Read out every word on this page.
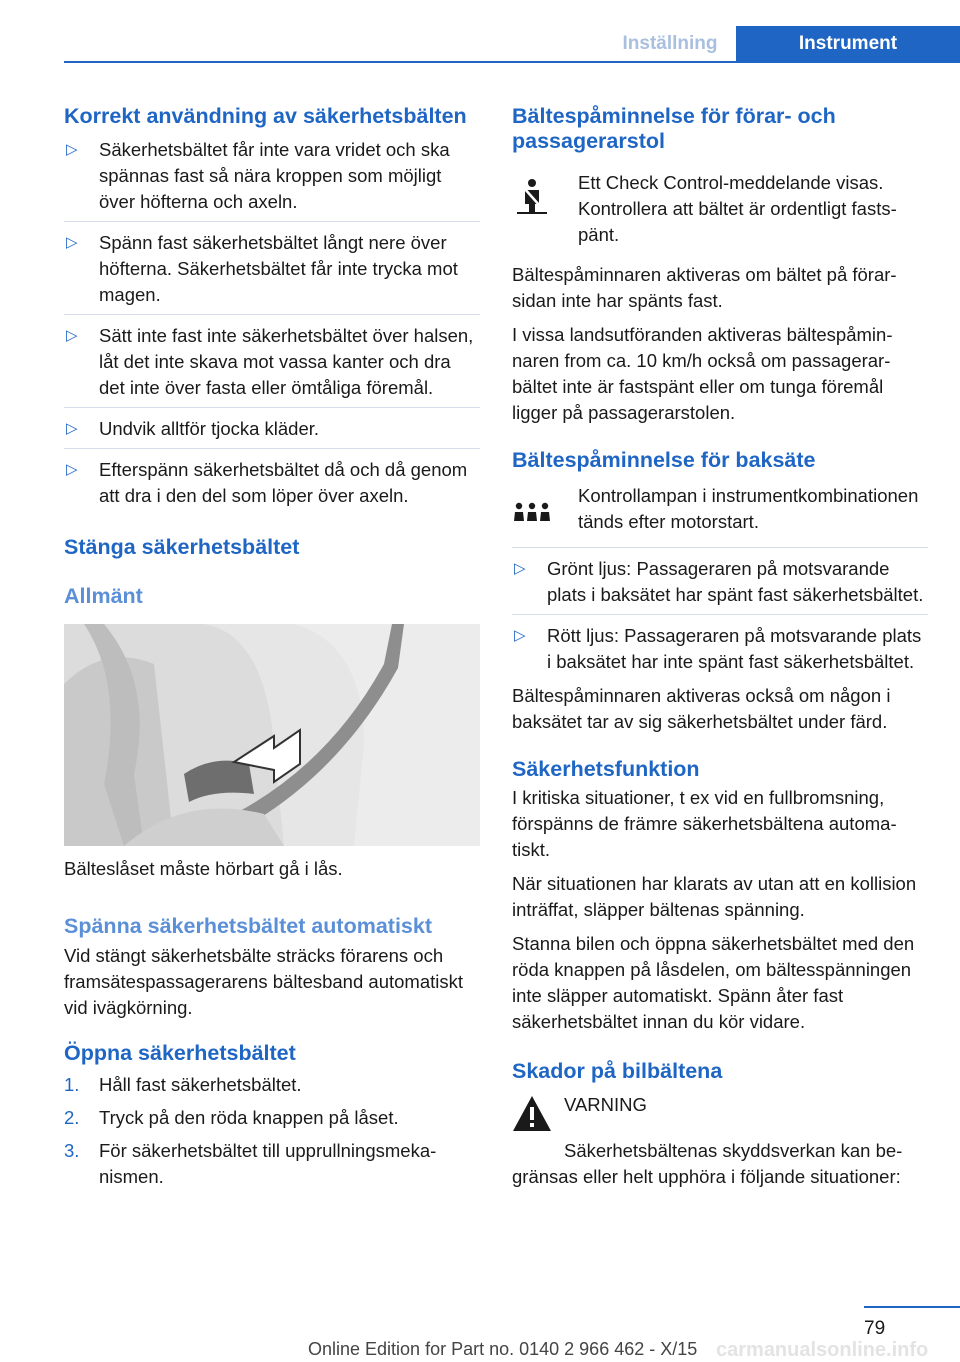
Inställning	Instrument
Korrekt användning av säkerhetsbälten
▷	Säkerhetsbältet får inte vara vridet och ska spännas fast så nära kroppen som möjligt över höfterna och axeln.
▷	Spänn fast säkerhetsbältet långt nere över höfterna. Säkerhetsbältet får inte trycka mot magen.
▷	Sätt inte fast inte säkerhetsbältet över halsen, låt det inte skava mot vassa kanter och dra det inte över fasta eller ömtåliga föremål.
▷	Undvik alltför tjocka kläder.
▷	Efterspänn säkerhetsbältet då och då genom att dra i den del som löper över axeln.
Stänga säkerhetsbältet
Allmänt

Bälteslåset måste hörbart gå i lås.

Spänna säkerhetsbältet automatiskt

Vid stängt säkerhetsbälte sträcks förarens och framsätespassagerarens bältesband automatiskt vid ivägkörning.

Öppna säkerhetsbältet
1.	Håll fast säkerhetsbältet.
2.	Tryck på den röda knappen på låset.
3.	För säkerhetsbältet till upprullningsmekanismen.
Bältespåminnelse för förar- och passagerarstol
Ett Check Control-meddelande visas. Kontrollera att bältet är ordentligt fastspänt.

Bältespåminnaren aktiveras om bältet på förarsidan inte har spänts fast.

I vissa landsutföranden aktiveras bältespåminnaren from ca. 10 km/h också om passagerarbältet inte är fastspänt eller om tunga föremål ligger på passagerarstolen.

Bältespåminnelse för baksäte
Kontrollampan i instrumentkombinationen tänds efter motorstart.
▷	Grönt ljus: Passageraren på motsvarande plats i baksätet har spänt fast säkerhetsbältet.
▷	Rött ljus: Passageraren på motsvarande plats i baksätet har inte spänt fast säkerhetsbältet.

Bältespåminnaren aktiveras också om någon i baksätet tar av sig säkerhetsbältet under färd.

Säkerhetsfunktion

I kritiska situationer, t ex vid en fullbromsning, förspänns de främre säkerhetsbältena automatiskt.

När situationen har klarats av utan att en kollision inträffat, släpper bältenas spänning.

Stanna bilen och öppna säkerhetsbältet med den röda knappen på låsdelen, om bältesspänningen inte släpper automatiskt. Spänn åter fast säkerhetsbältet innan du kör vidare.

Skador på bilbältena
VARNING

Säkerhetsbältenas skyddsverkan kan begränsas eller helt upphöra i följande situationer:

79
Online Edition for Part no. 0140 2 966 462 - X/15 carmanualsonline.info
